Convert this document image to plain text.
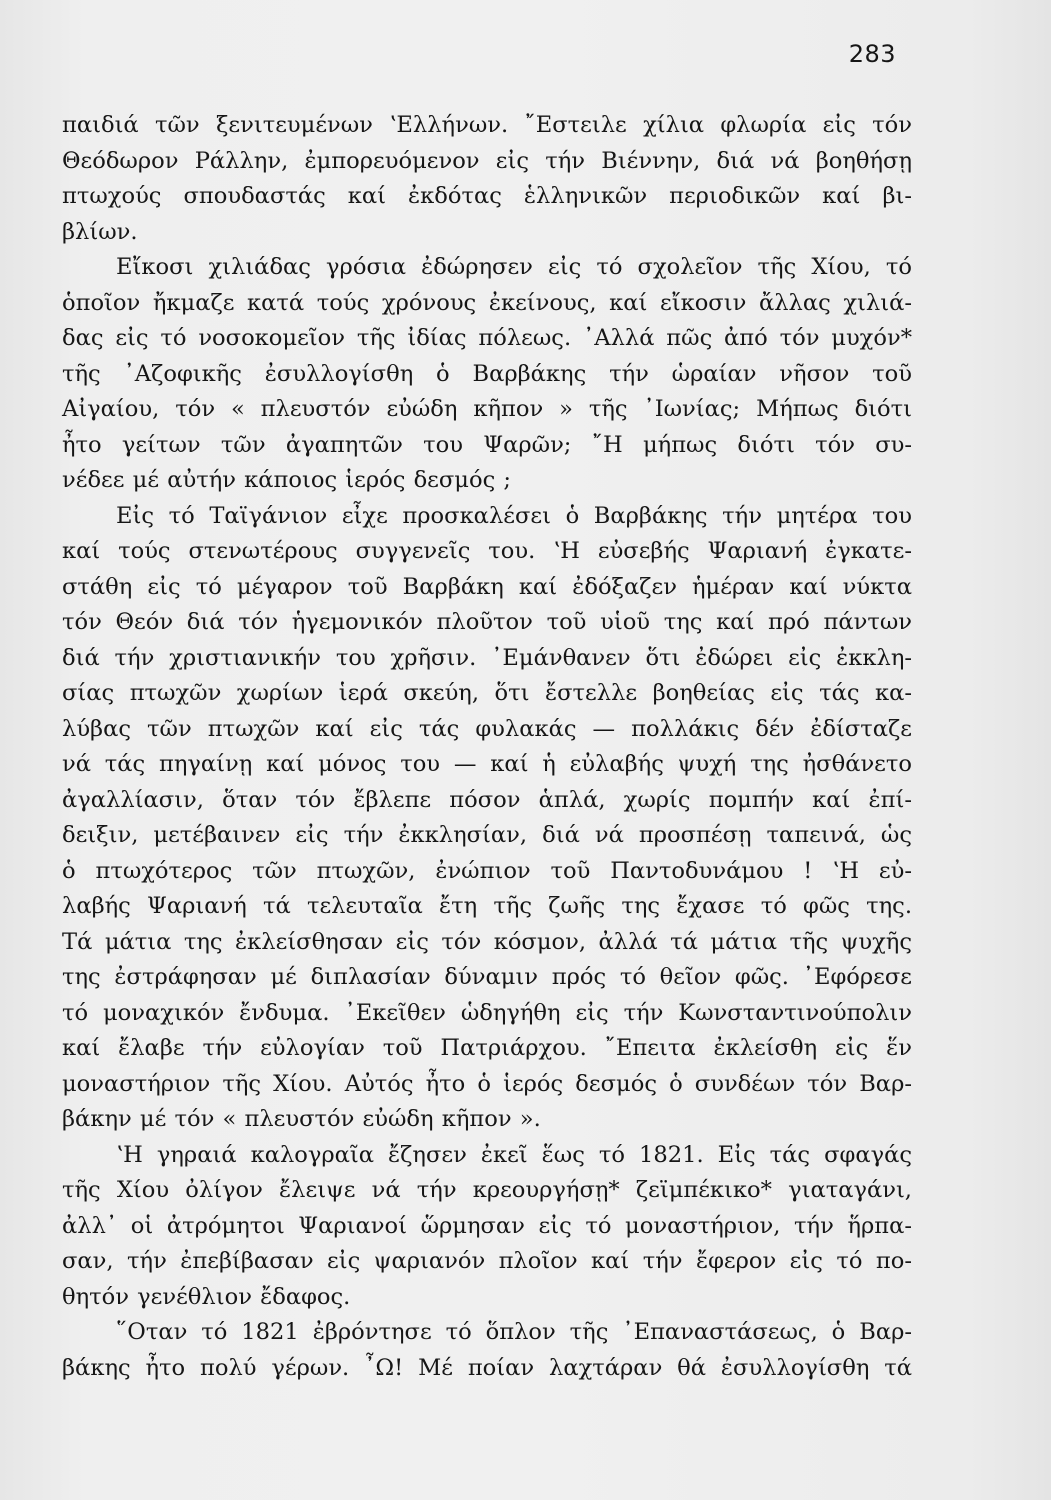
283
παιδιά τῶν ξενιτευμένων ʽΕλλήνων. ῎Εστειλε χίλια φλωρία εἰς τόν
Θεόδωρον Ράλλην, ἐμπορευόμενον εἰς τήν Βιέννην, διά νά βοηθήσῃ
πτωχούς σπουδαστάς καί ἐκδότας ἑλληνικῶν περιοδικῶν καί βι-
βλίων.
Εἴκοσι χιλιάδας γρόσια ἐδώρησεν εἰς τό σχολεῖον τῆς Χίου, τό
ὁποῖον ἤκμαζε κατά τούς χρόνους ἐκείνους, καί εἴκοσιν ἄλλας χιλιά-
δας εἰς τό νοσοκομεῖον τῆς ἰδίας πόλεως. ᾽Αλλά πῶς ἀπό τόν μυχόν*
τῆς ᾽Αζοφικῆς ἐσυλλογίσθη ὁ Βαρβάκης τήν ὡραίαν νῆσον τοῦ
Αἰγαίου, τόν « πλευστόν εὐώδη κῆπον » τῆς ᾽Ιωνίας; Μήπως διότι
ἦτο γείτων τῶν ἀγαπητῶν του Ψαρῶν; ῎Η μήπως διότι τόν συ-
νέδεε μέ αὐτήν κάποιος ἱερός δεσμός ;
Εἰς τό Ταϊγάνιον εἶχε προσκαλέσει ὁ Βαρβάκης τήν μητέρα του
καί τούς στενωτέρους συγγενεῖς του. ʽΗ εὐσεβής Ψαριανή ἐγκατε-
στάθη εἰς τό μέγαρον τοῦ Βαρβάκη καί ἐδόξαζεν ἡμέραν καί νύκτα
τόν Θεόν διά τόν ἡγεμονικόν πλοῦτον τοῦ υἱοῦ της καί πρό πάντων
διά τήν χριστιανικήν του χρῆσιν. ᾽Εμάνθανεν ὅτι ἐδώρει εἰς ἐκκλη-
σίας πτωχῶν χωρίων ἱερά σκεύη, ὅτι ἔστελλε βοηθείας εἰς τάς κα-
λύβας τῶν πτωχῶν καί εἰς τάς φυλακάς — πολλάκις δέν ἐδίσταζε
νά τάς πηγαίνῃ καί μόνος του — καί ἡ εὐλαβής ψυχή της ἠσθάνετο
ἀγαλλίασιν, ὅταν τόν ἔβλεπε πόσον ἁπλά, χωρίς πομπήν καί ἐπί-
δειξιν, μετέβαινεν εἰς τήν ἐκκλησίαν, διά νά προσπέσῃ ταπεινά, ὡς
ὁ πτωχότερος τῶν πτωχῶν, ἐνώπιον τοῦ Παντοδυνάμου ! ʽΗ εὐ-
λαβής Ψαριανή τά τελευταῖα ἔτη τῆς ζωῆς της ἔχασε τό φῶς της.
Τά μάτια της ἐκλείσθησαν εἰς τόν κόσμον, ἀλλά τά μάτια τῆς ψυχῆς
της ἐστράφησαν μέ διπλασίαν δύναμιν πρός τό θεῖον φῶς. ᾽Εφόρεσε
τό μοναχικόν ἔνδυμα. ᾽Εκεῖθεν ὡδηγήθη εἰς τήν Κωνσταντινούπολιν
καί ἔλαβε τήν εὐλογίαν τοῦ Πατριάρχου. ῎Επειτα ἐκλείσθη εἰς ἕν
μοναστήριον τῆς Χίου. Αὐτός ἦτο ὁ ἱερός δεσμός ὁ συνδέων τόν Βαρ-
βάκην μέ τόν « πλευστόν εὐώδη κῆπον ».
ʽΗ γηραιά καλογραῖα ἔζησεν ἐκεῖ ἕως τό 1821. Εἰς τάς σφαγάς
τῆς Χίου ὀλίγον ἔλειψε νά τήν κρεουργήσῃ* ζεϊμπέκικο* γιαταγάνι,
ἀλλ᾽ οἱ ἀτρόμητοι Ψαριανοί ὥρμησαν εἰς τό μοναστήριον, τήν ἥρπα-
σαν, τήν ἐπεβίβασαν εἰς ψαριανόν πλοῖον καί τήν ἔφερον εἰς τό πο-
θητόν γενέθλιον ἔδαφος.
῞Οταν τό 1821 ἐβρόντησε τό ὅπλον τῆς ᾽Επαναστάσεως, ὁ Βαρ-
βάκης ἦτο πολύ γέρων. ῏Ω! Μέ ποίαν λαχτάραν θά ἐσυλλογίσθη τά
